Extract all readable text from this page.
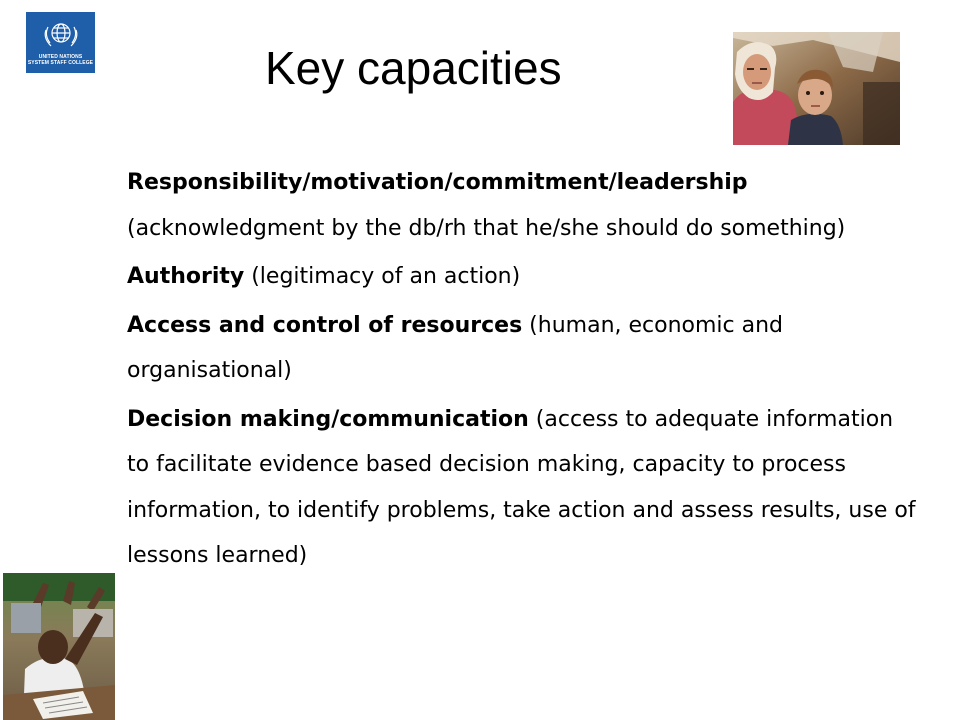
UNITED NATIONS
SYSTEM STAFF COLLEGE	Key capacities
Responsibility/motivation/commitment/leadership (acknowledgment by the db/rh that he/she should do something)
Authority (legitimacy of an action)
Access and control of resources (human, economic and organisational)
Decision making/communication (access to adequate information to facilitate evidence based decision making, capacity to process information, to identify problems, take action and assess results, use of lessons learned)
